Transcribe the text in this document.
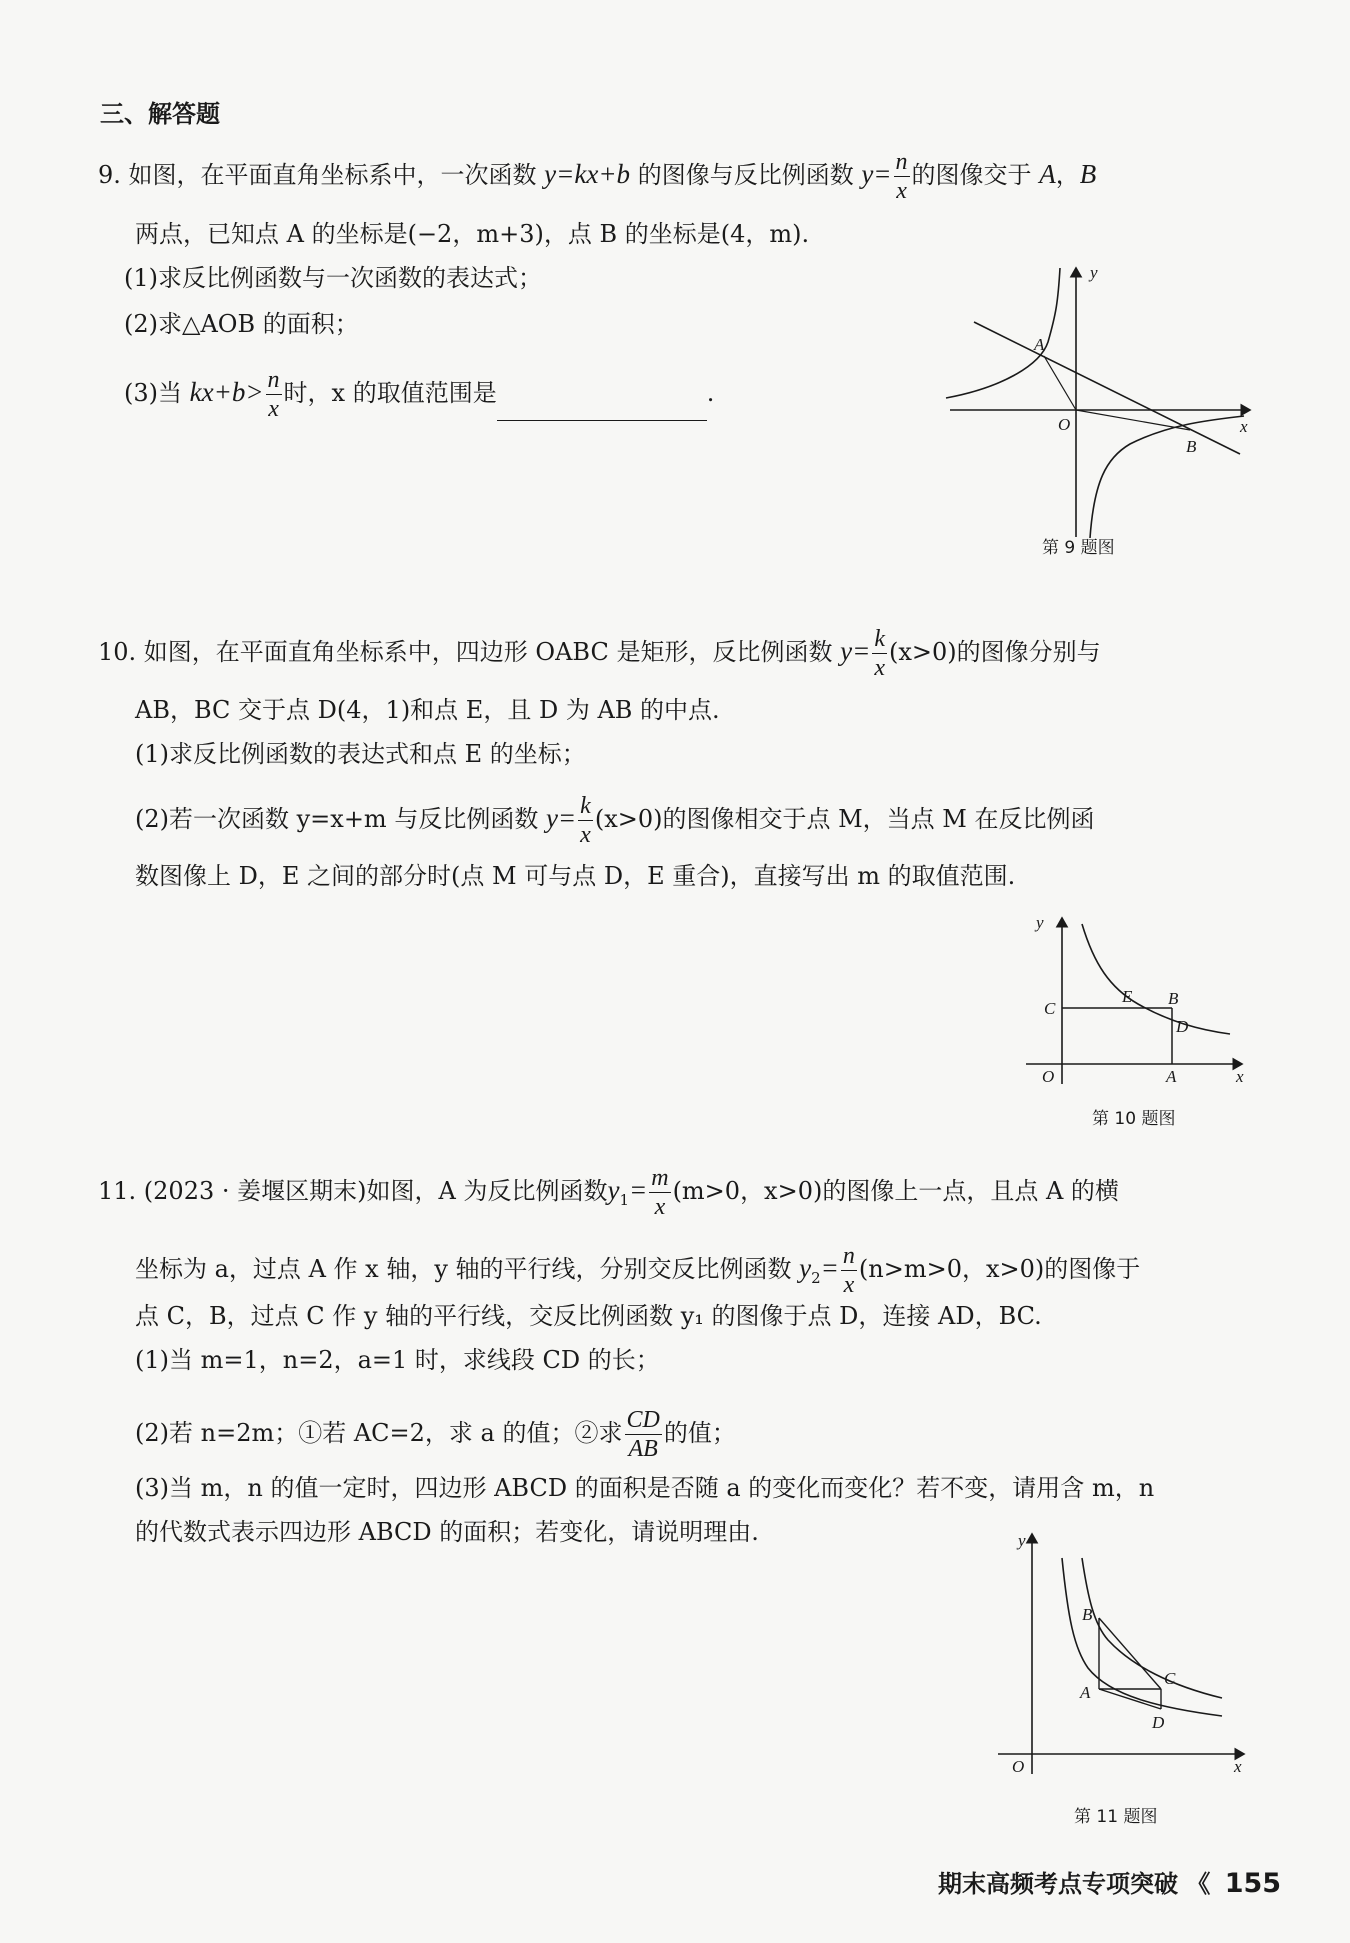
三、解答题
9. 如图，在平面直角坐标系中，一次函数 y=kx+b 的图像与反比例函数 $y= \frac{n}{x}$ 的图像交于 A，B
两点，已知点 A 的坐标是(−2，m+3)，点 B 的坐标是(4，m).
(1)求反比例函数与一次函数的表达式；
(2)求△AOB 的面积；
(3)当 $kx+b> \frac{n}{x}$ 时，x 的取值范围是	.
y
x
O
A
B
第 9 题图
10. 如图，在平面直角坐标系中，四边形 OABC 是矩形，反比例函数 $y= \frac{k}{x} (x>0)$的图像分别与
AB，BC 交于点 D(4，1)和点 E，且 D 为 AB 的中点.
(1)求反比例函数的表达式和点 E 的坐标；
(2)若一次函数 y=x+m 与反比例函数 $y= \frac{k}{x} (x>0)$的图像相交于点 M，当点 M 在反比例函
数图像上 D，E 之间的部分时(点 M 可与点 D，E 重合)，直接写出 m 的取值范围.
y
x
O	A
B
C
D
E
第 10 题图
11. (2023 · 姜堰区期末)如图，A 为反比例函数$y_1= \frac{m}{x} (m>0$，x>0)的图像上一点，且点 A 的横
坐标为 a，过点 A 作 x 轴，y 轴的平行线，分别交反比例函数 $y_2= \frac{n}{x} (n>m>0$，x>0)的图像于
点 C，B，过点 C 作 y 轴的平行线，交反比例函数 y₁ 的图像于点 D，连接 AD，BC.
(1)当 m=1，n=2，a=1 时，求线段 CD 的长；
(2)若 n=2m；①若 AC=2，求 a 的值；②求 $\frac{CD}{AB}$ 的值；
(3)当 m，n 的值一定时，四边形 ABCD 的面积是否随 a 的变化而变化？若不变，请用含 m，n
的代数式表示四边形 ABCD 的面积；若变化，请说明理由.	y
x
O
A
B
C
D
第 11 题图
期末高频考点专项突破 《 155
